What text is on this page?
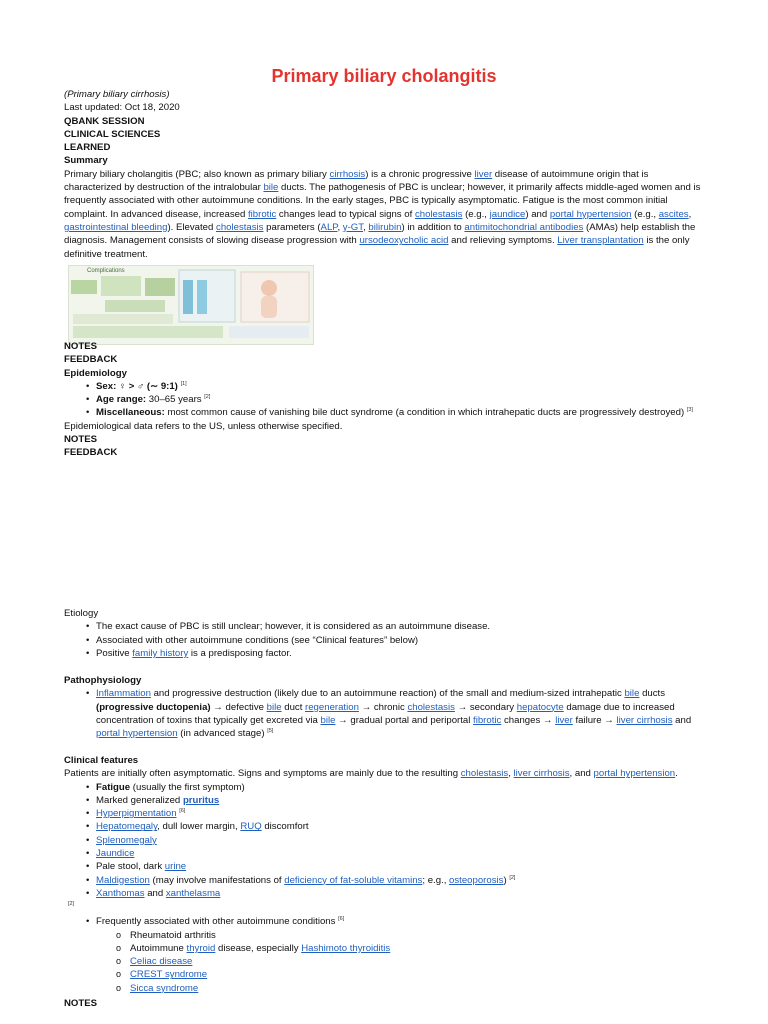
Primary biliary cholangitis
(Primary biliary cirrhosis)
Last updated: Oct 18, 2020
QBANK SESSION
CLINICAL SCIENCES
LEARNED
Summary
Primary biliary cholangitis (PBC; also known as primary biliary cirrhosis) is a chronic progressive liver disease of autoimmune origin that is characterized by destruction of the intralobular bile ducts. The pathogenesis of PBC is unclear; however, it primarily affects middle-aged women and is frequently associated with other autoimmune conditions. In the early stages, PBC is typically asymptomatic. Fatigue is the most common initial complaint. In advanced disease, increased fibrotic changes lead to typical signs of cholestasis (e.g., jaundice) and portal hypertension (e.g., ascites, gastrointestinal bleeding). Elevated cholestasis parameters (ALP, γ-GT, bilirubin) in addition to antimitochondrial antibodies (AMAs) help establish the diagnosis. Management consists of slowing disease progression with ursodeoxycholic acid and relieving symptoms. Liver transplantation is the only definitive treatment.
Complications
NOTES
FEEDBACK
Epidemiology
• Sex: ♀ > ♂ (∼ 9:1) [1]
• Age range: 30–65 years [2]
• Miscellaneous: most common cause of vanishing bile duct syndrome (a condition in which intrahepatic ducts are progressively destroyed) [3]
Epidemiological data refers to the US, unless otherwise specified.
NOTES
FEEDBACK
Etiology
• The exact cause of PBC is still unclear; however, it is considered as an autoimmune disease.
• Associated with other autoimmune conditions (see “Clinical features” below)
• Positive family history is a predisposing factor.
Pathophysiology
• Inflammation and progressive destruction (likely due to an autoimmune reaction) of the small and medium-sized intrahepatic bile ducts (progressive ductopenia) → defective bile duct regeneration → chronic cholestasis → secondary hepatocyte damage due to increased concentration of toxins that typically get excreted via bile → gradual portal and periportal fibrotic changes → liver failure → liver cirrhosis and portal hypertension (in advanced stage) [5]
Clinical features
Patients are initially often asymptomatic. Signs and symptoms are mainly due to the resulting cholestasis, liver cirrhosis, and portal hypertension.
• Fatigue (usually the first symptom)
• Marked generalized pruritus
• Hyperpigmentation [6]
• Hepatomegaly, dull lower margin, RUQ discomfort
• Splenomegaly
• Jaundice
• Pale stool, dark urine
• Maldigestion (may involve manifestations of deficiency of fat-soluble vitamins; e.g., osteoporosis) [2]
• Xanthomas and xanthelasma
[2]
• Frequently associated with other autoimmune conditions [6]
o Rheumatoid arthritis
o Autoimmune thyroid disease, especially Hashimoto thyroiditis
o Celiac disease
o CREST syndrome
o Sicca syndrome
NOTES
